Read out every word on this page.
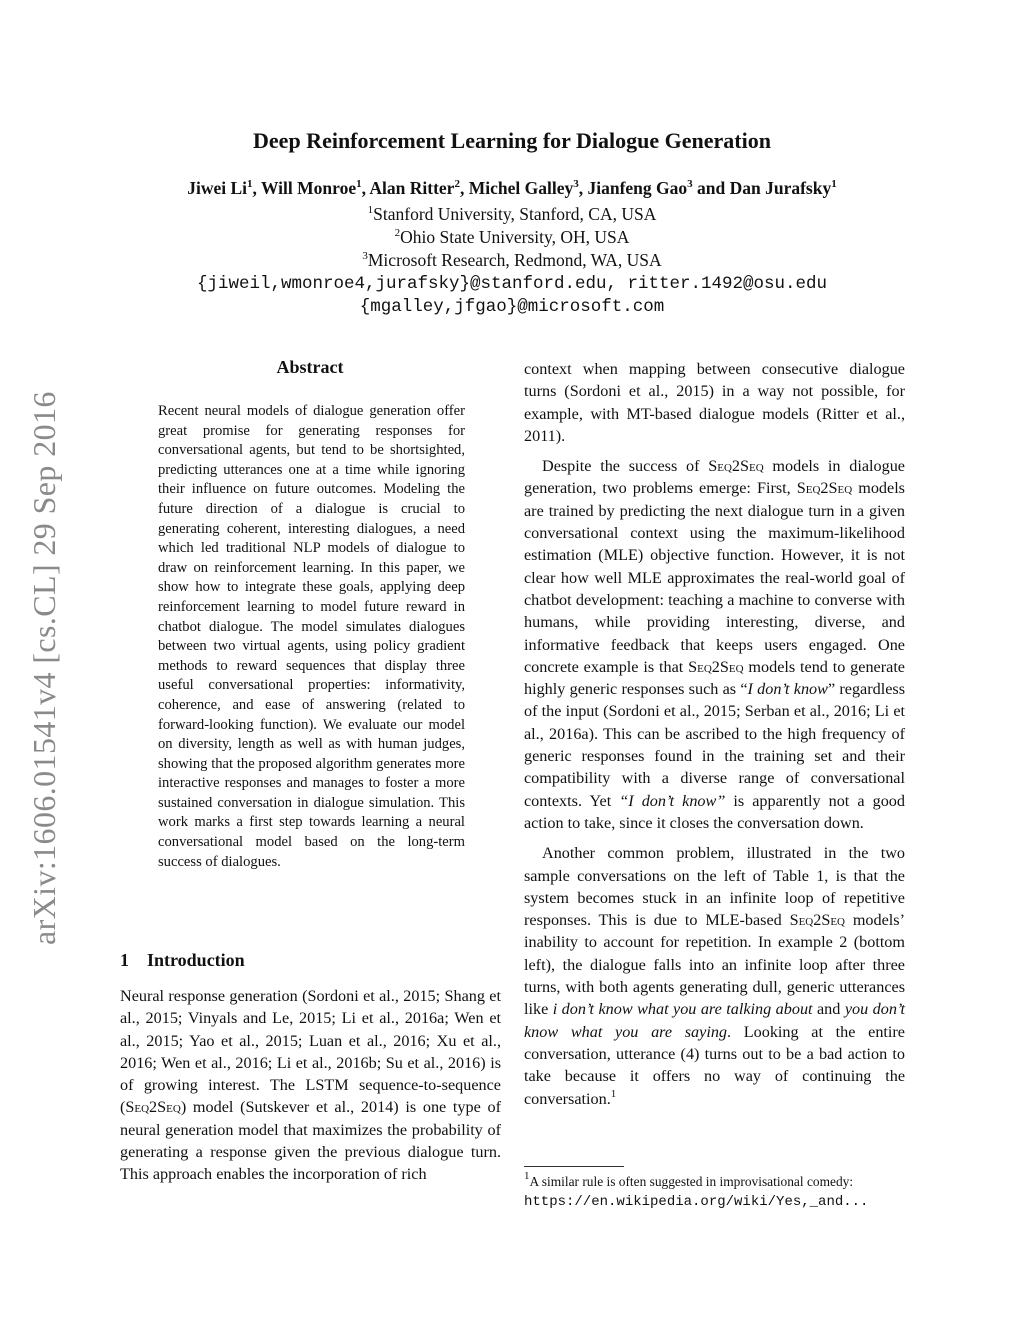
Deep Reinforcement Learning for Dialogue Generation
Jiwei Li$^1$, Will Monroe$^1$, Alan Ritter$^2$, Michel Galley$^3$, Jianfeng Gao$^3$ and Dan Jurafsky$^1$
$^1$Stanford University, Stanford, CA, USA
$^2$Ohio State University, OH, USA
$^3$Microsoft Research, Redmond, WA, USA
{jiweil,wmonroe4,jurafsky}@stanford.edu, ritter.1492@osu.edu
{mgalley,jfgao}@microsoft.com
arXiv:1606.01541v4 [cs.CL] 29 Sep 2016
Abstract
Recent neural models of dialogue generation offer great promise for generating responses for conversational agents, but tend to be shortsighted, predicting utterances one at a time while ignoring their influence on future outcomes. Modeling the future direction of a dialogue is crucial to generating coherent, interesting dialogues, a need which led traditional NLP models of dialogue to draw on reinforcement learning. In this paper, we show how to integrate these goals, applying deep reinforcement learning to model future reward in chatbot dialogue. The model simulates dialogues between two virtual agents, using policy gradient methods to reward sequences that display three useful conversational properties: informativity, coherence, and ease of answering (related to forward-looking function). We evaluate our model on diversity, length as well as with human judges, showing that the proposed algorithm generates more interactive responses and manages to foster a more sustained conversation in dialogue simulation. This work marks a first step towards learning a neural conversational model based on the long-term success of dialogues.
1 Introduction

Neural response generation (Sordoni et al., 2015; Shang et al., 2015; Vinyals and Le, 2015; Li et al., 2016a; Wen et al., 2015; Yao et al., 2015; Luan et al., 2016; Xu et al., 2016; Wen et al., 2016; Li et al., 2016b; Su et al., 2016) is of growing interest. The LSTM sequence-to-sequence (Seq2Seq) model (Sutskever et al., 2014) is one type of neural generation model that maximizes the probability of generating a response given the previous dialogue turn. This approach enables the incorporation of rich

context when mapping between consecutive dialogue turns (Sordoni et al., 2015) in a way not possible, for example, with MT-based dialogue models (Ritter et al., 2011).

Despite the success of Seq2Seq models in dialogue generation, two problems emerge: First, Seq2Seq models are trained by predicting the next dialogue turn in a given conversational context using the maximum-likelihood estimation (MLE) objective function. However, it is not clear how well MLE approximates the real-world goal of chatbot development: teaching a machine to converse with humans, while providing interesting, diverse, and informative feedback that keeps users engaged. One concrete example is that Seq2Seq models tend to generate highly generic responses such as “I don’t know” regardless of the input (Sordoni et al., 2015; Serban et al., 2016; Li et al., 2016a). This can be ascribed to the high frequency of generic responses found in the training set and their compatibility with a diverse range of conversational contexts. Yet “I don’t know” is apparently not a good action to take, since it closes the conversation down.

Another common problem, illustrated in the two sample conversations on the left of Table 1, is that the system becomes stuck in an infinite loop of repetitive responses. This is due to MLE-based Seq2Seq models’ inability to account for repetition. In example 2 (bottom left), the dialogue falls into an infinite loop after three turns, with both agents generating dull, generic utterances like i don’t know what you are talking about and you don’t know what you are saying. Looking at the entire conversation, utterance (4) turns out to be a bad action to take because it offers no way of continuing the conversation.$^1$

$^1$A similar rule is often suggested in improvisational comedy:
https://en.wikipedia.org/wiki/Yes,_and...
